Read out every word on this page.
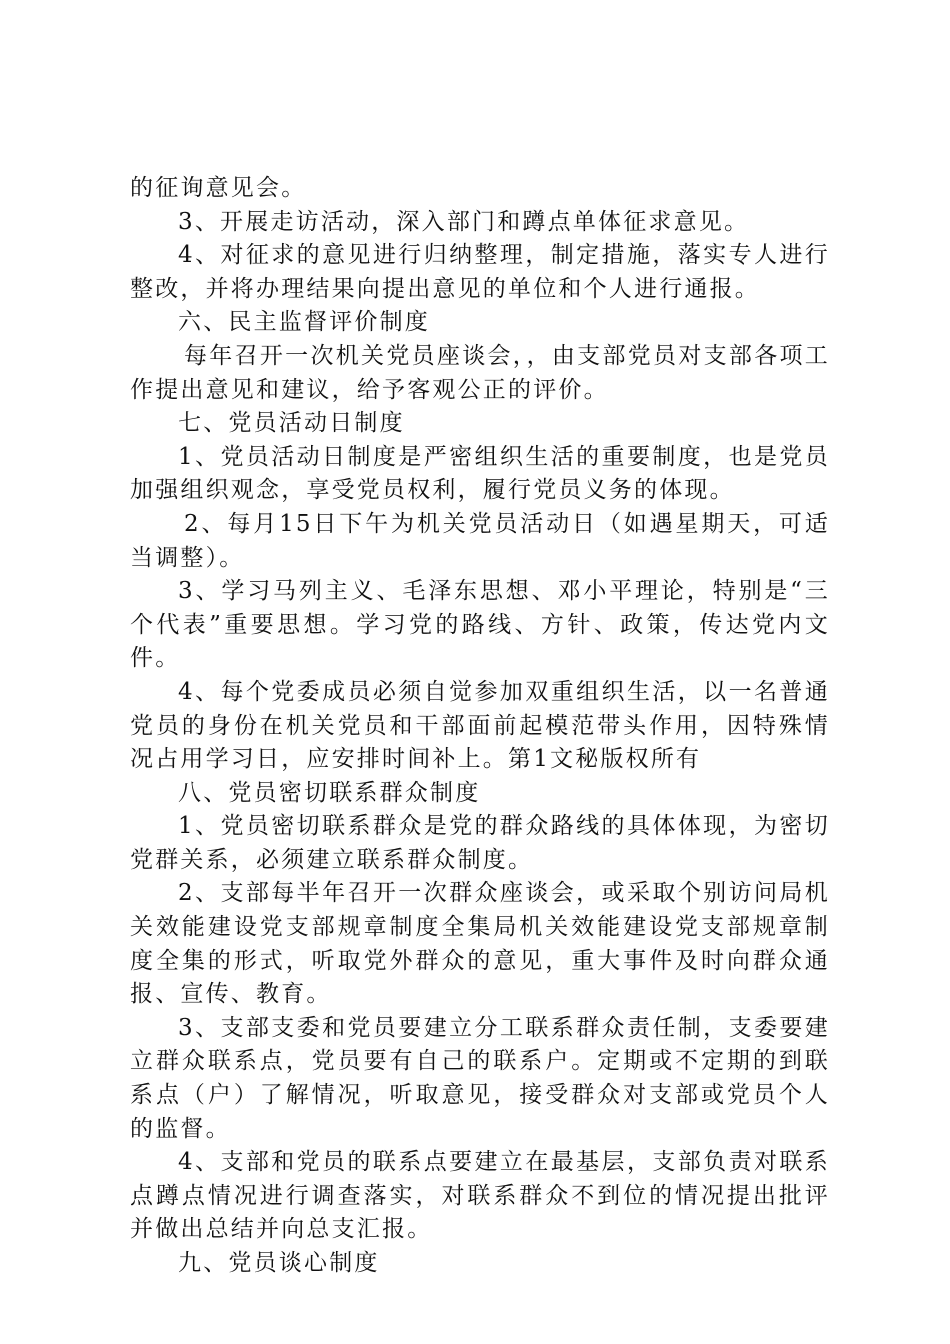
的征询意见会。

3、开展走访活动，深入部门和蹲点单体征求意见。

4、对征求的意见进行归纳整理，制定措施，落实专人进行整改，并将办理结果向提出意见的单位和个人进行通报。

六、民主监督评价制度

每年召开一次机关党员座谈会，，由支部党员对支部各项工作提出意见和建议，给予客观公正的评价。

七、党员活动日制度

1、党员活动日制度是严密组织生活的重要制度，也是党员加强组织观念，享受党员权利，履行党员义务的体现。

2、每月15日下午为机关党员活动日（如遇星期天，可适当调整）。

3、学习马列主义、毛泽东思想、邓小平理论，特别是“三个代表”重要思想。学习党的路线、方针、政策，传达党内文件。

4、每个党委成员必须自觉参加双重组织生活，以一名普通党员的身份在机关党员和干部面前起模范带头作用，因特殊情况占用学习日，应安排时间补上。第1文秘版权所有

八、党员密切联系群众制度

1、党员密切联系群众是党的群众路线的具体体现，为密切党群关系，必须建立联系群众制度。

2、支部每半年召开一次群众座谈会，或采取个别访问局机关效能建设党支部规章制度全集局机关效能建设党支部规章制度全集的形式，听取党外群众的意见，重大事件及时向群众通报、宣传、教育。

3、支部支委和党员要建立分工联系群众责任制，支委要建立群众联系点，党员要有自己的联系户。定期或不定期的到联系点（户）了解情况，听取意见，接受群众对支部或党员个人的监督。

4、支部和党员的联系点要建立在最基层，支部负责对联系点蹲点情况进行调查落实，对联系群众不到位的情况提出批评并做出总结并向总支汇报。

九、党员谈心制度
